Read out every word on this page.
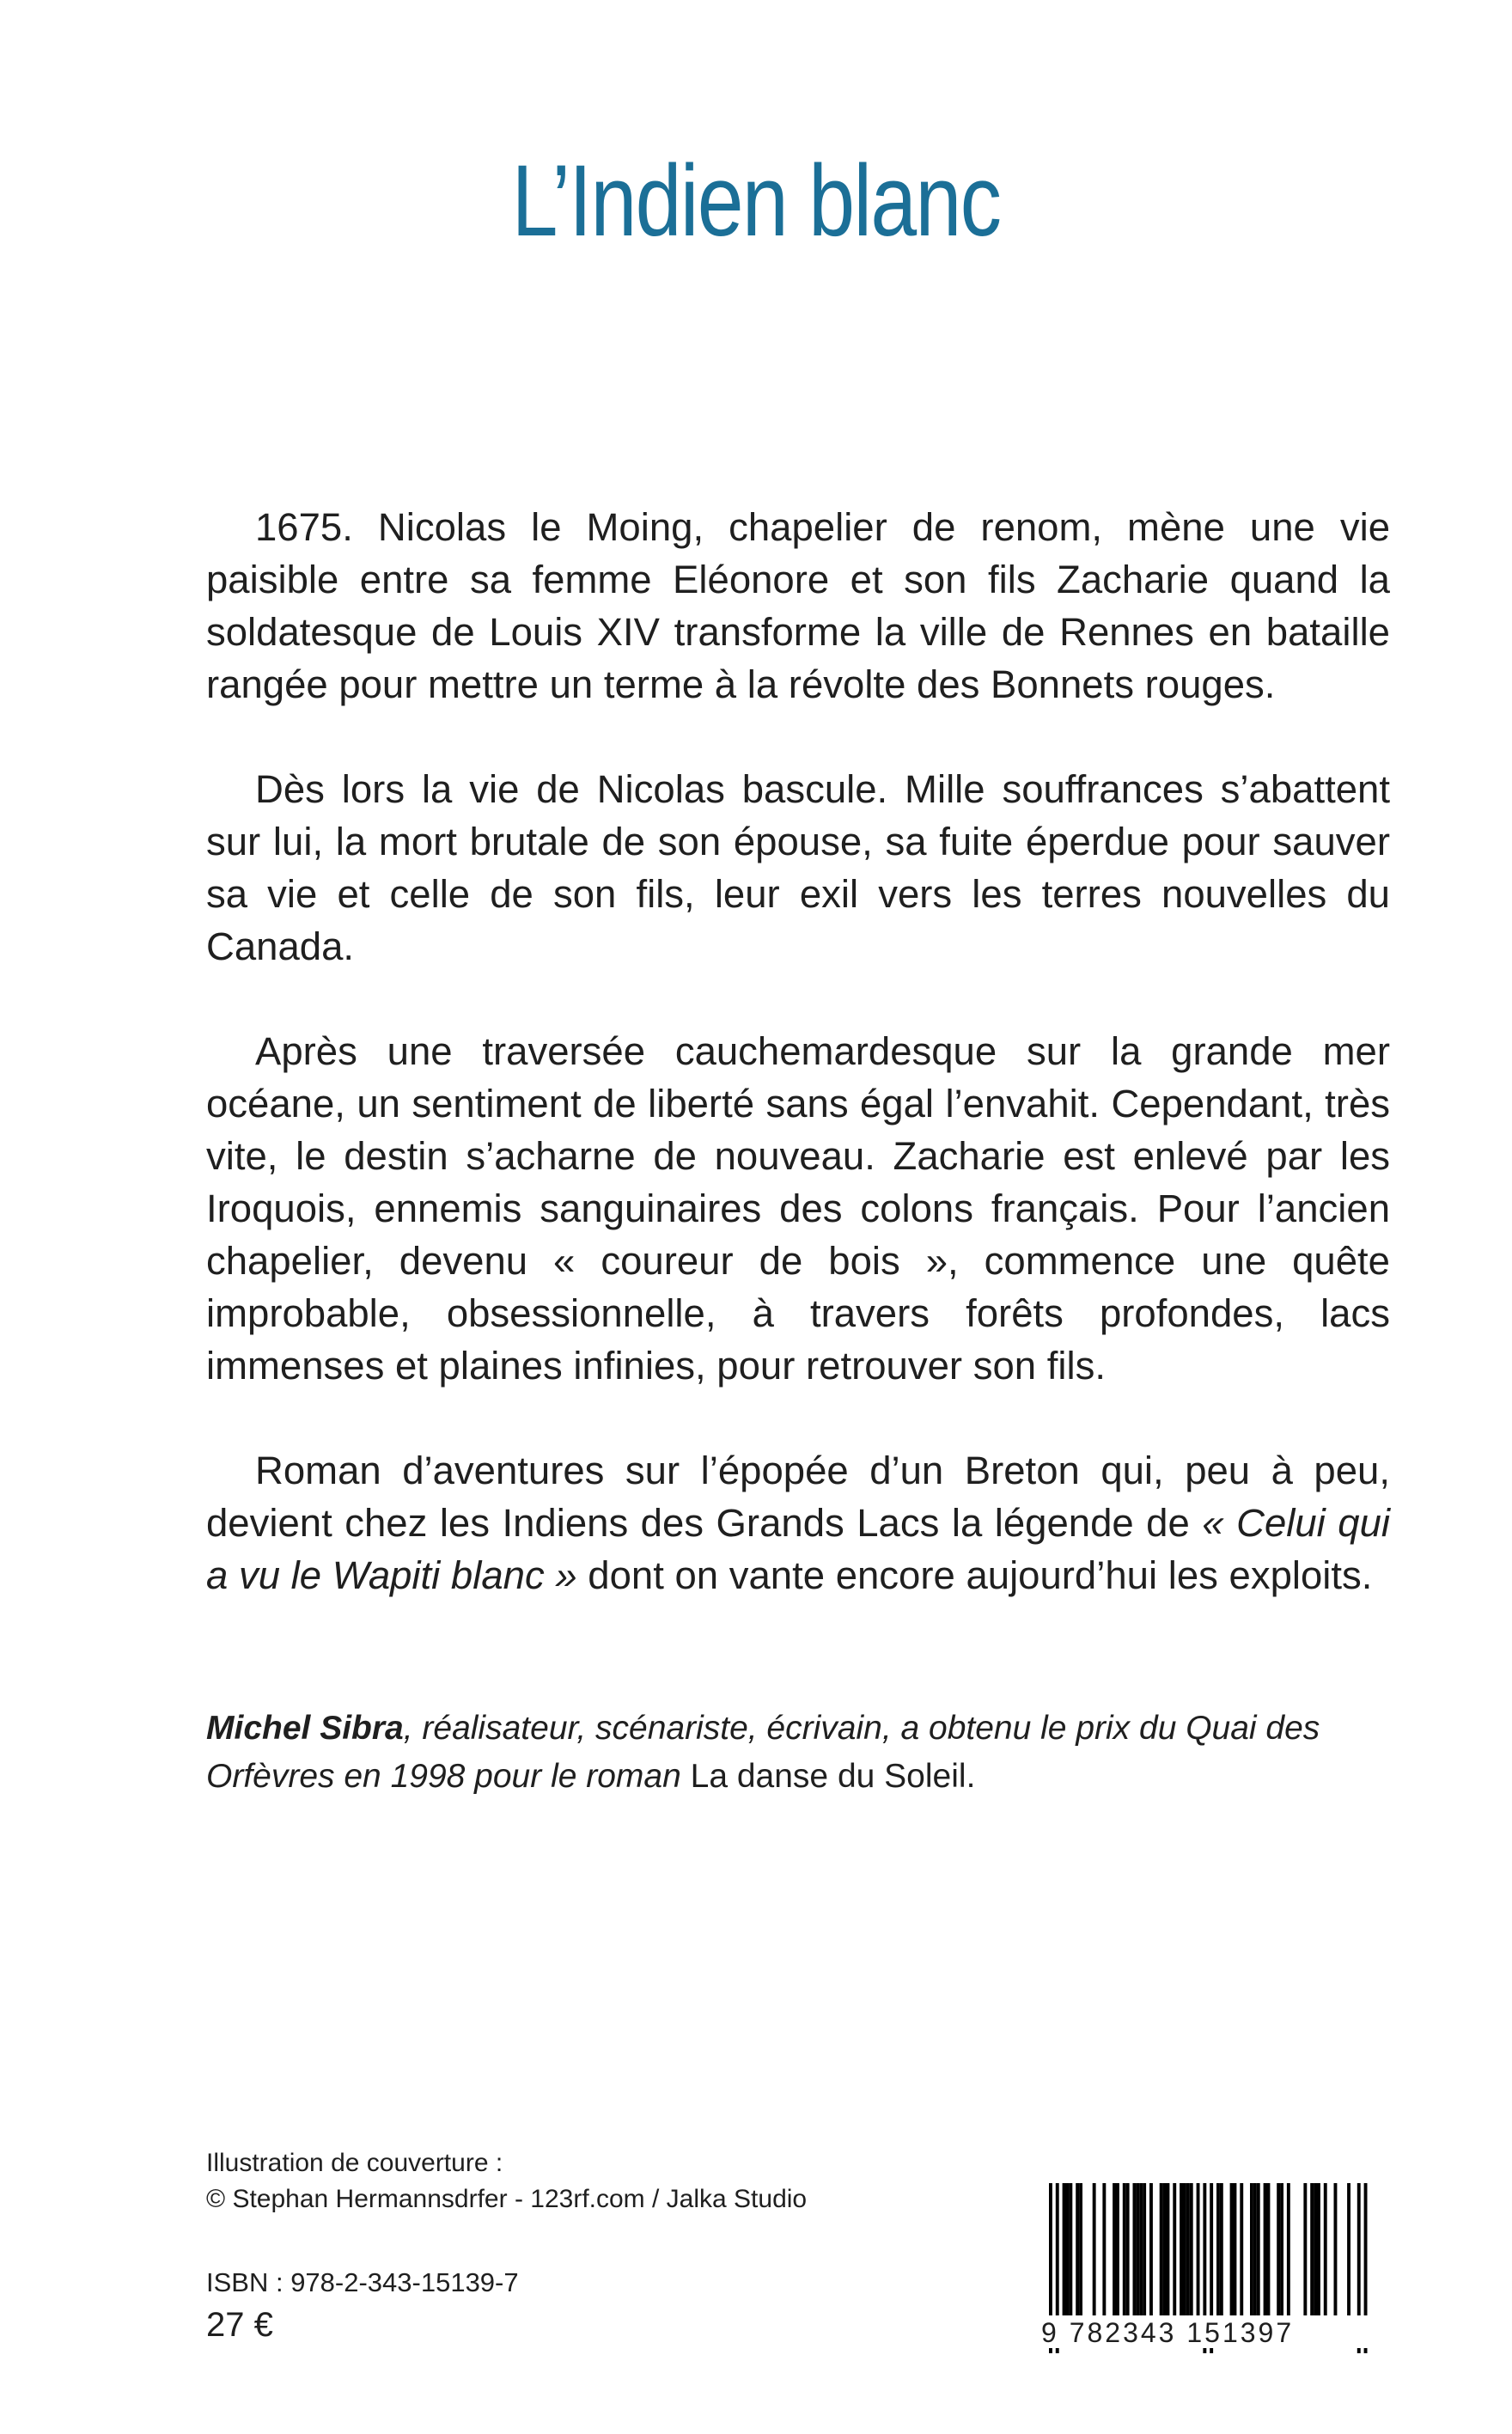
L’Indien blanc

1675. Nicolas le Moing, chapelier de renom, mène une vie paisible entre sa femme Eléonore et son fils Zacharie quand la soldatesque de Louis XIV transforme la ville de Rennes en bataille rangée pour mettre un terme à la révolte des Bonnets rouges.

Dès lors la vie de Nicolas bascule. Mille souffrances s’abattent sur lui, la mort brutale de son épouse, sa fuite éperdue pour sauver sa vie et celle de son fils, leur exil vers les terres nouvelles du Canada.

Après une traversée cauchemardesque sur la grande mer océane, un sentiment de liberté sans égal l’envahit. Cependant, très vite, le destin s’acharne de nouveau. Zacharie est enlevé par les Iroquois, ennemis sanguinaires des colons français. Pour l’ancien chapelier, devenu « coureur de bois », commence une quête improbable, obsessionnelle, à travers forêts profondes, lacs immenses et plaines infinies, pour retrouver son fils.

Roman d’aventures sur l’épopée d’un Breton qui, peu à peu, devient chez les Indiens des Grands Lacs la légende de « Celui qui a vu le Wapiti blanc » dont on vante encore aujourd’hui les exploits.

Michel Sibra, réalisateur, scénariste, écrivain, a obtenu le prix du Quai des Orfèvres en 1998 pour le roman La danse du Soleil.
Illustration de couverture :
© Stephan Hermannsdrfer - 123rf.com / Jalka Studio
ISBN : 978-2-343-15139-7
27 €	9 782343 151397
